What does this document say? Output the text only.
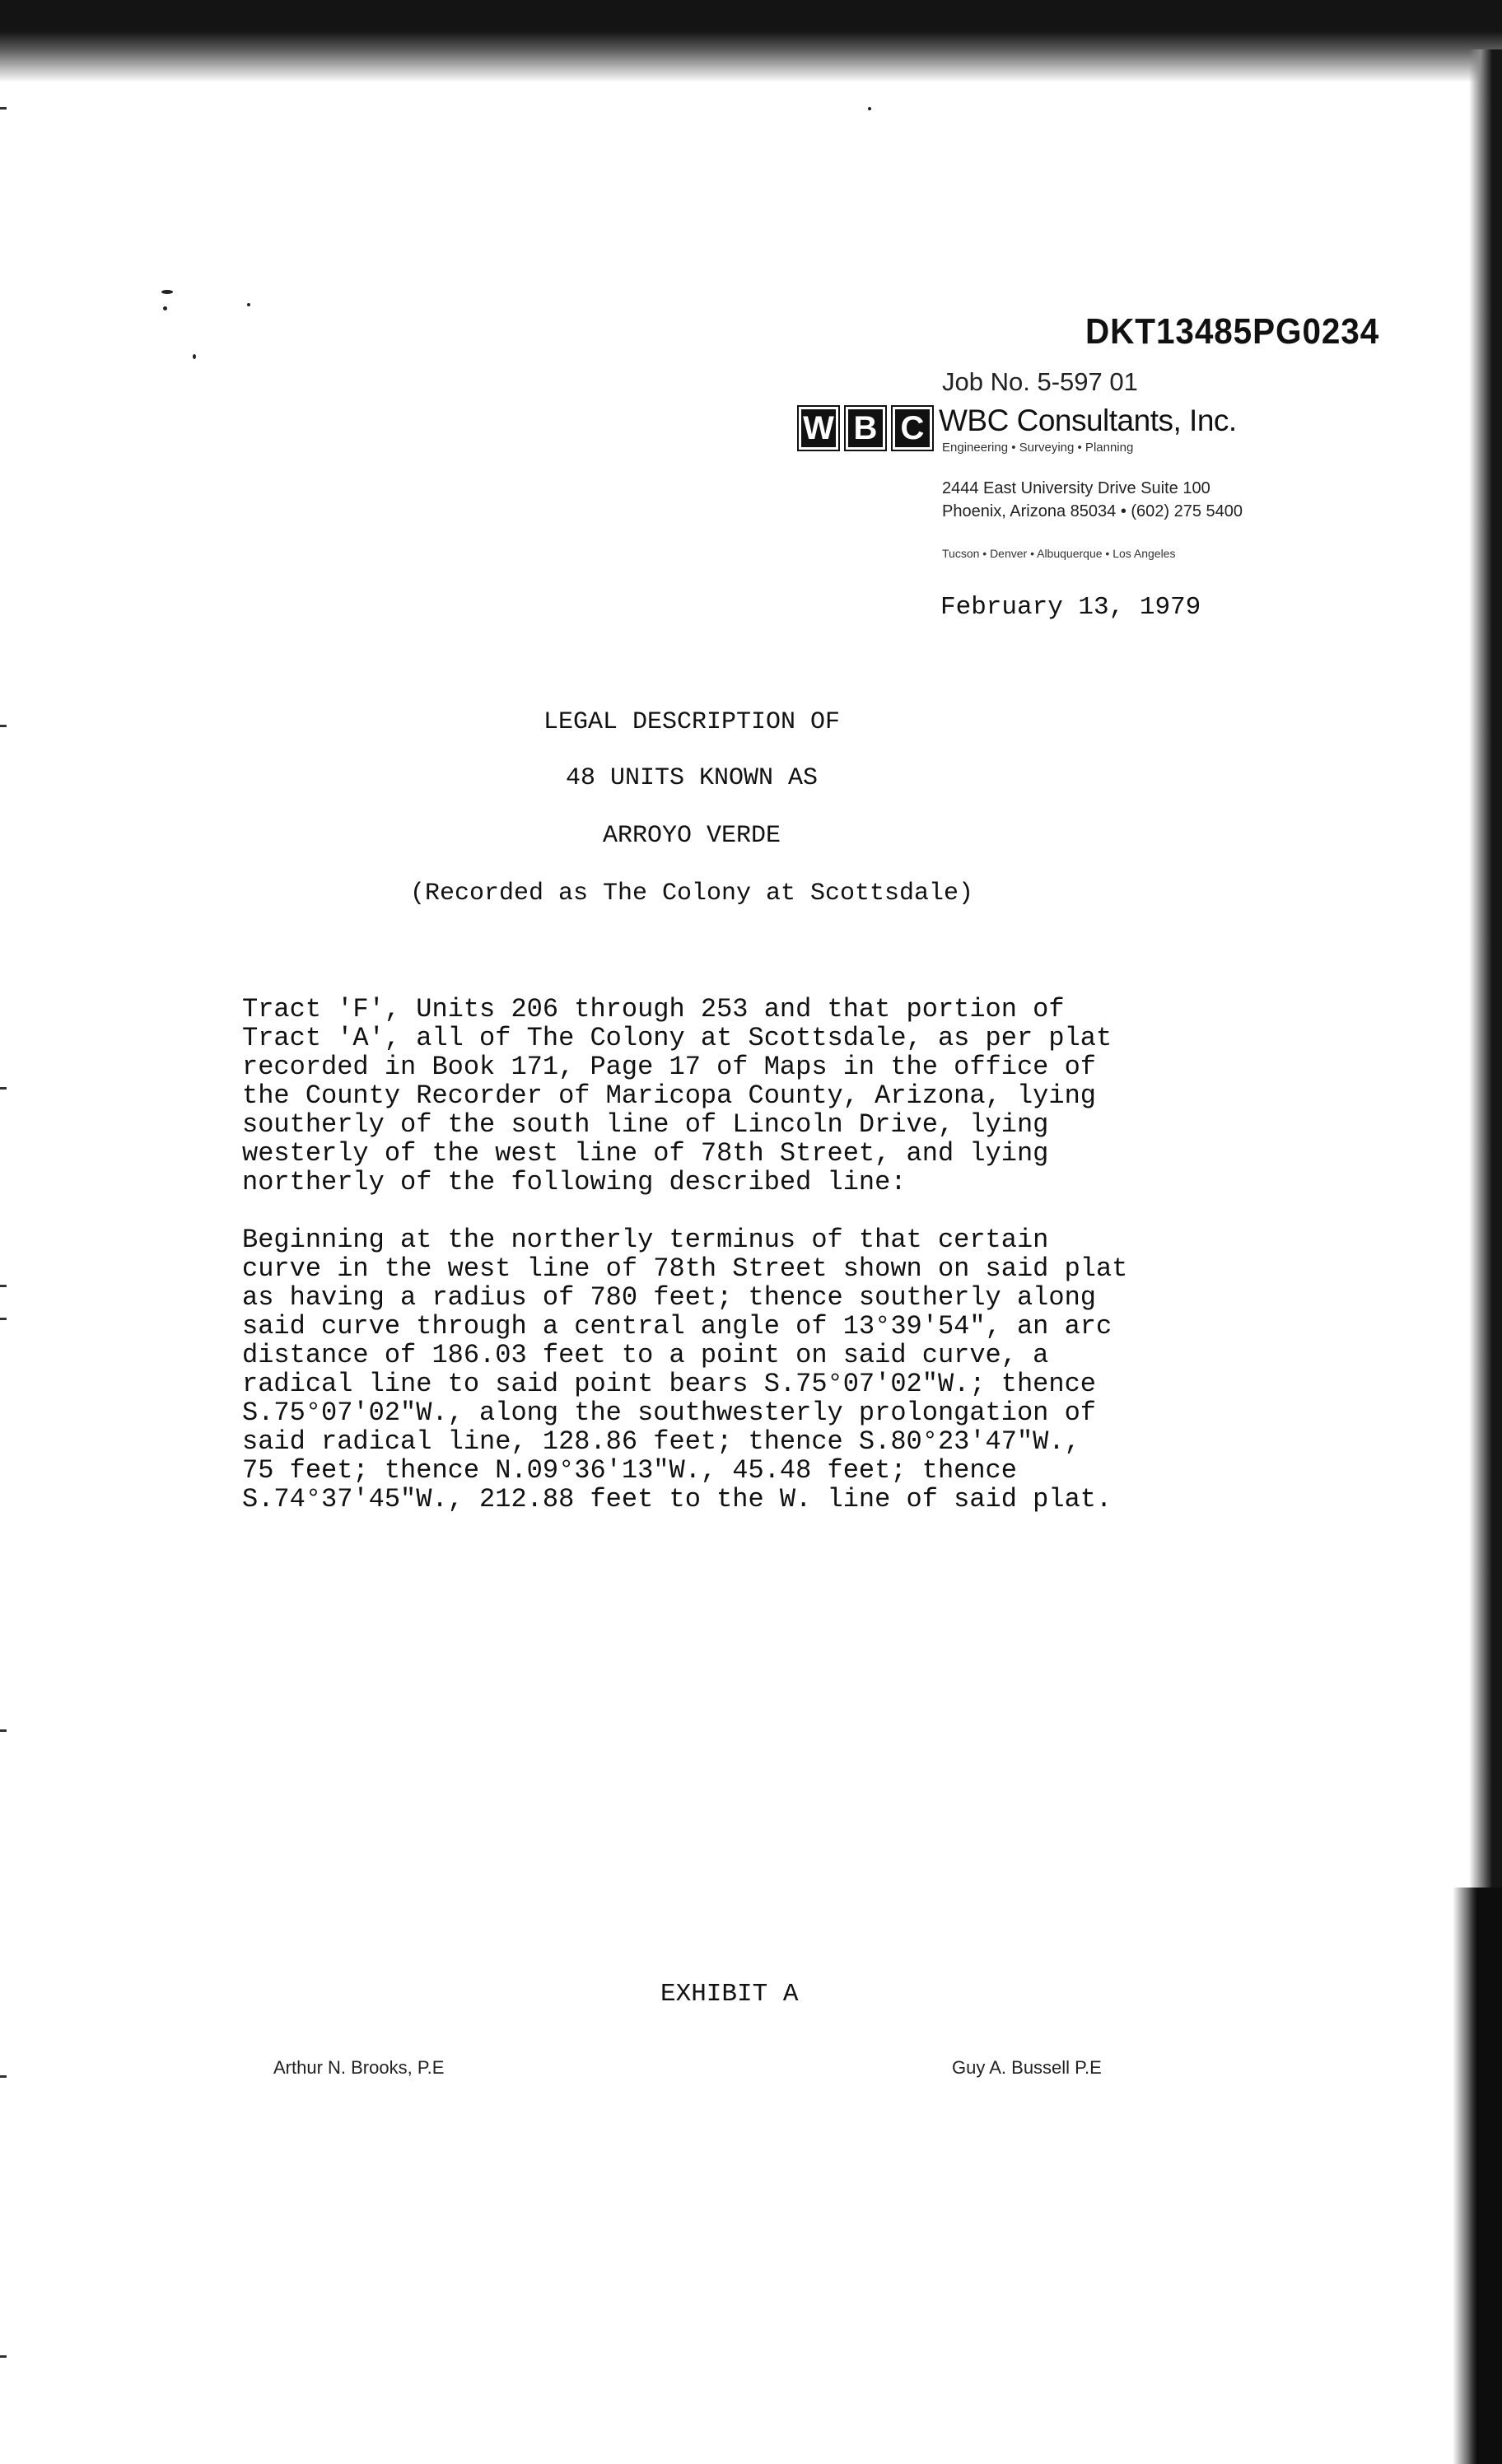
DKT13485PG0234
Job No. 5-597 01
W B C WBC Consultants, Inc.
Engineering • Surveying • Planning
2444 East University Drive Suite 100
Phoenix, Arizona 85034 • (602) 275 5400
Tucson • Denver • Albuquerque • Los Angeles
February 13, 1979
LEGAL DESCRIPTION OF
48 UNITS KNOWN AS
ARROYO VERDE
(Recorded as The Colony at Scottsdale)
Tract 'F', Units 206 through 253 and that portion of
Tract 'A', all of The Colony at Scottsdale, as per plat
recorded in Book 171, Page 17 of Maps in the office of
the County Recorder of Maricopa County, Arizona, lying
southerly of the south line of Lincoln Drive, lying
westerly of the west line of 78th Street, and lying
northerly of the following described line:
Beginning at the northerly terminus of that certain
curve in the west line of 78th Street shown on said plat
as having a radius of 780 feet; thence southerly along
said curve through a central angle of 13°39'54", an arc
distance of 186.03 feet to a point on said curve, a
radical line to said point bears S.75°07'02"W.; thence
S.75°07'02"W., along the southwesterly prolongation of
said radical line, 128.86 feet; thence S.80°23'47"W.,
75 feet; thence N.09°36'13"W., 45.48 feet; thence
S.74°37'45"W., 212.88 feet to the W. line of said plat.
EXHIBIT A
Arthur N. Brooks, P.E	Guy A. Bussell P.E
